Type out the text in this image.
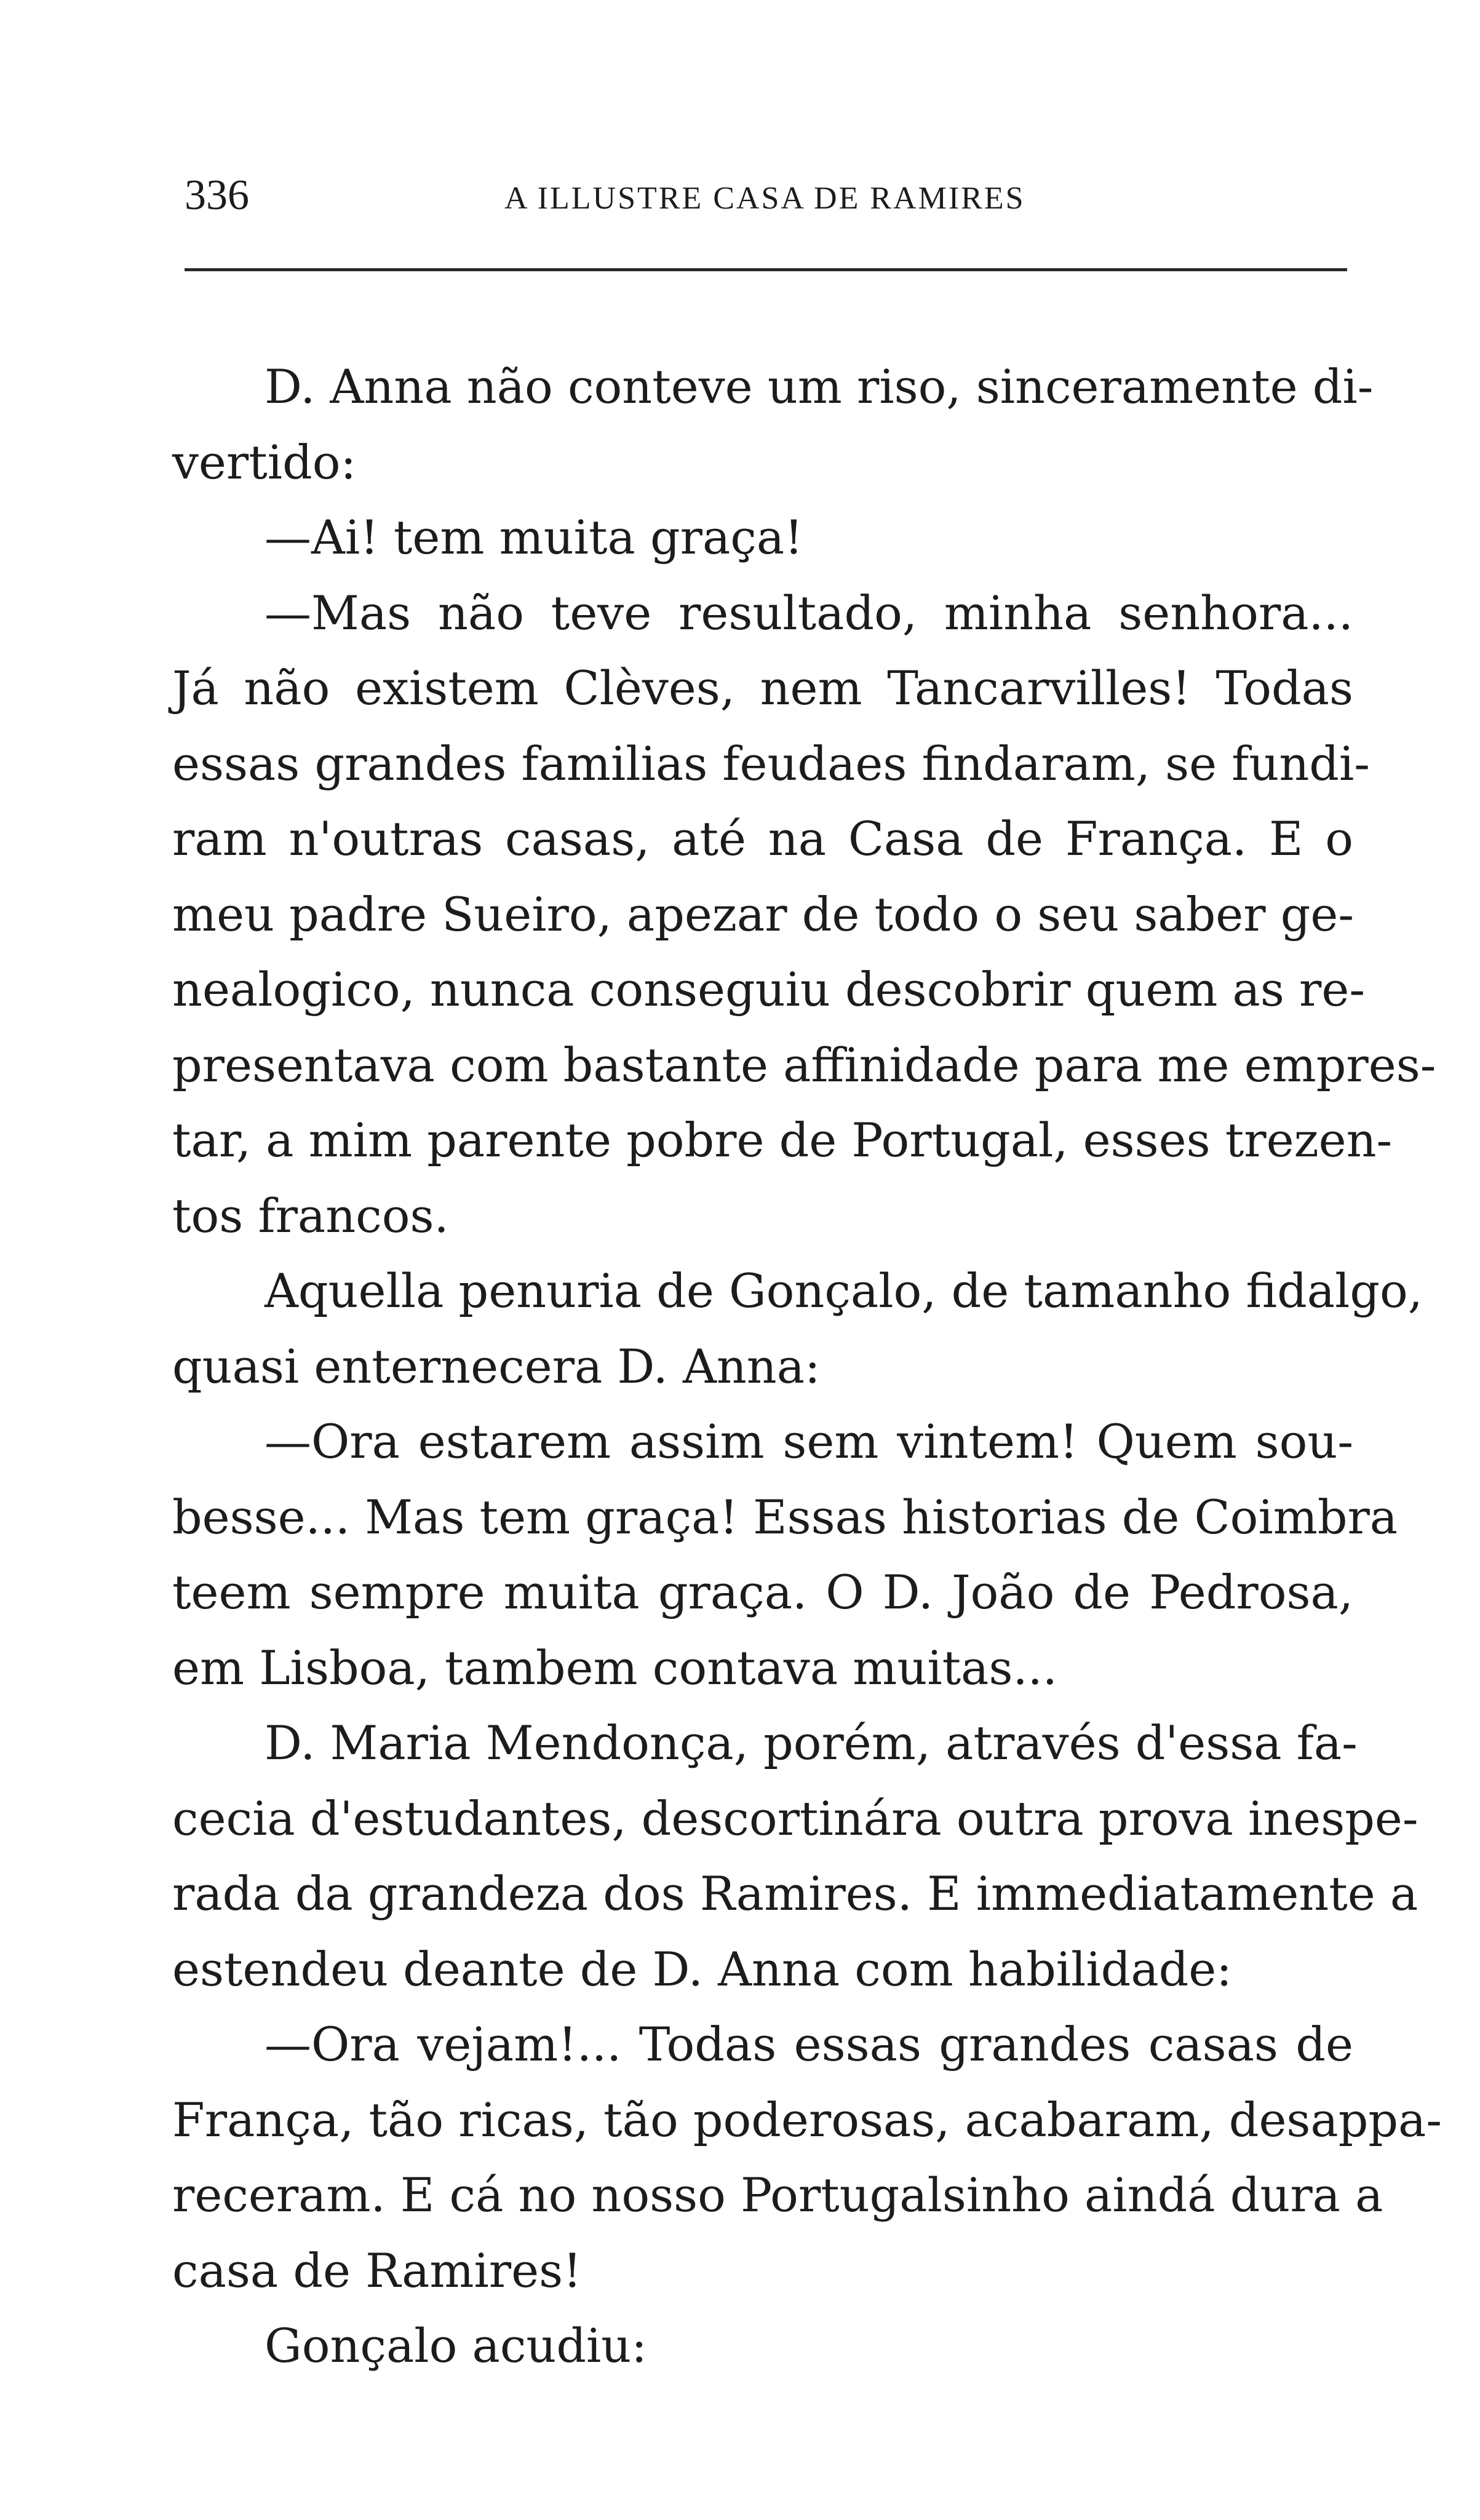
336	A ILLUSTRE CASA DE RAMIRES
D. Anna não conteve um riso, sinceramente di-
vertido:
—Ai! tem muita graça!
—Mas não teve resultado, minha senhora...
Já não existem Clèves, nem Tancarvilles! Todas
essas grandes familias feudaes findaram, se fundi-
ram n'outras casas, até na Casa de França. E o
meu padre Sueiro, apezar de todo o seu saber ge-
nealogico, nunca conseguiu descobrir quem as re-
presentava com bastante affinidade para me empres-
tar, a mim parente pobre de Portugal, esses trezen-
tos francos.
Aquella penuria de Gonçalo, de tamanho fidalgo,
quasi enternecera D. Anna:
—Ora estarem assim sem vintem! Quem sou-
besse... Mas tem graça! Essas historias de Coimbra
teem sempre muita graça. O D. João de Pedrosa,
em Lisboa, tambem contava muitas...
D. Maria Mendonça, porém, através d'essa fa-
cecia d'estudantes, descortinára outra prova inespe-
rada da grandeza dos Ramires. E immediatamente a
estendeu deante de D. Anna com habilidade:
—Ora vejam!... Todas essas grandes casas de
França, tão ricas, tão poderosas, acabaram, desappa-
receram. E cá no nosso Portugalsinho aindá dura a
casa de Ramires!
Gonçalo acudiu:
